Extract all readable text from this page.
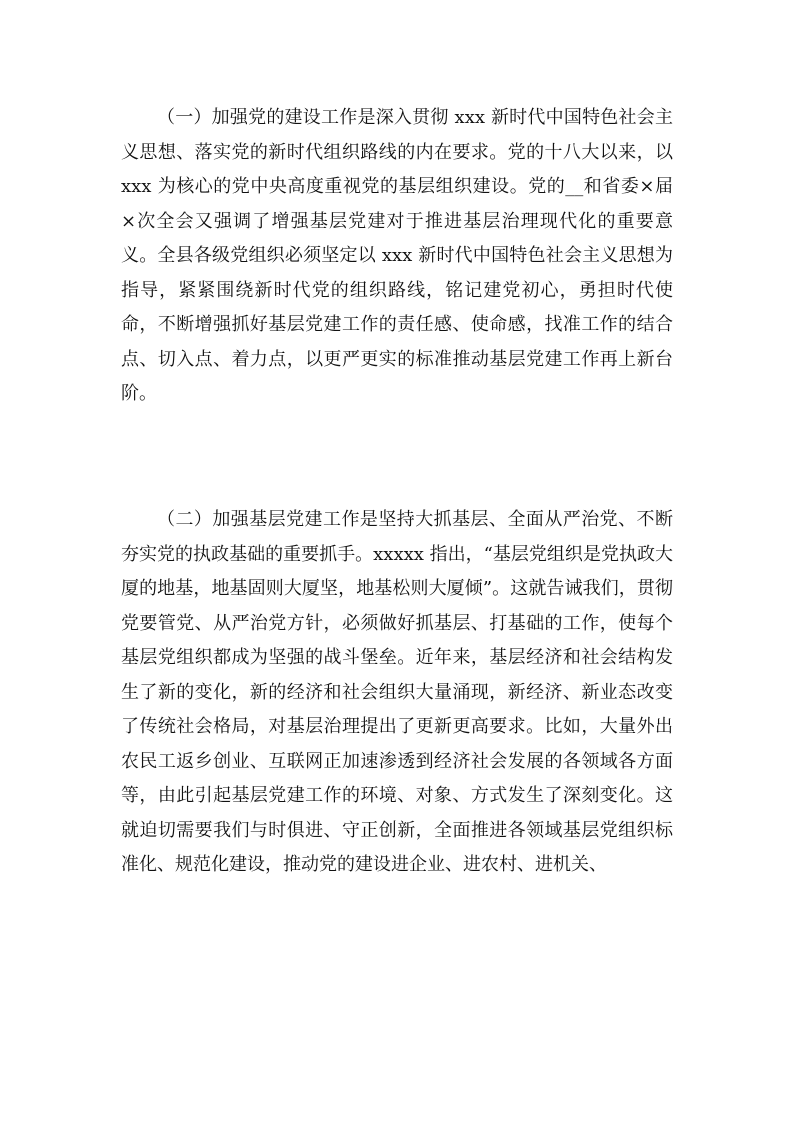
（一）加强党的建设工作是深入贯彻 xxx 新时代中国特色社会主义思想、落实党的新时代组织路线的内在要求。党的十八大以来，以 xxx 为核心的党中央高度重视党的基层组织建设。党的__和省委×届×次全会又强调了增强基层党建对于推进基层治理现代化的重要意义。全县各级党组织必须坚定以 xxx 新时代中国特色社会主义思想为指导，紧紧围绕新时代党的组织路线，铭记建党初心，勇担时代使命，不断增强抓好基层党建工作的责任感、使命感，找准工作的结合点、切入点、着力点，以更严更实的标准推动基层党建工作再上新台阶。

（二）加强基层党建工作是坚持大抓基层、全面从严治党、不断夯实党的执政基础的重要抓手。xxxxx 指出，“基层党组织是党执政大厦的地基，地基固则大厦坚，地基松则大厦倾”。这就告诫我们，贯彻党要管党、从严治党方针，必须做好抓基层、打基础的工作，使每个基层党组织都成为坚强的战斗堡垒。近年来，基层经济和社会结构发生了新的变化，新的经济和社会组织大量涌现，新经济、新业态改变了传统社会格局，对基层治理提出了更新更高要求。比如，大量外出农民工返乡创业、互联网正加速渗透到经济社会发展的各领域各方面等，由此引起基层党建工作的环境、对象、方式发生了深刻变化。这就迫切需要我们与时俱进、守正创新，全面推进各领域基层党组织标准化、规范化建设，推动党的建设进企业、进农村、进机关、
